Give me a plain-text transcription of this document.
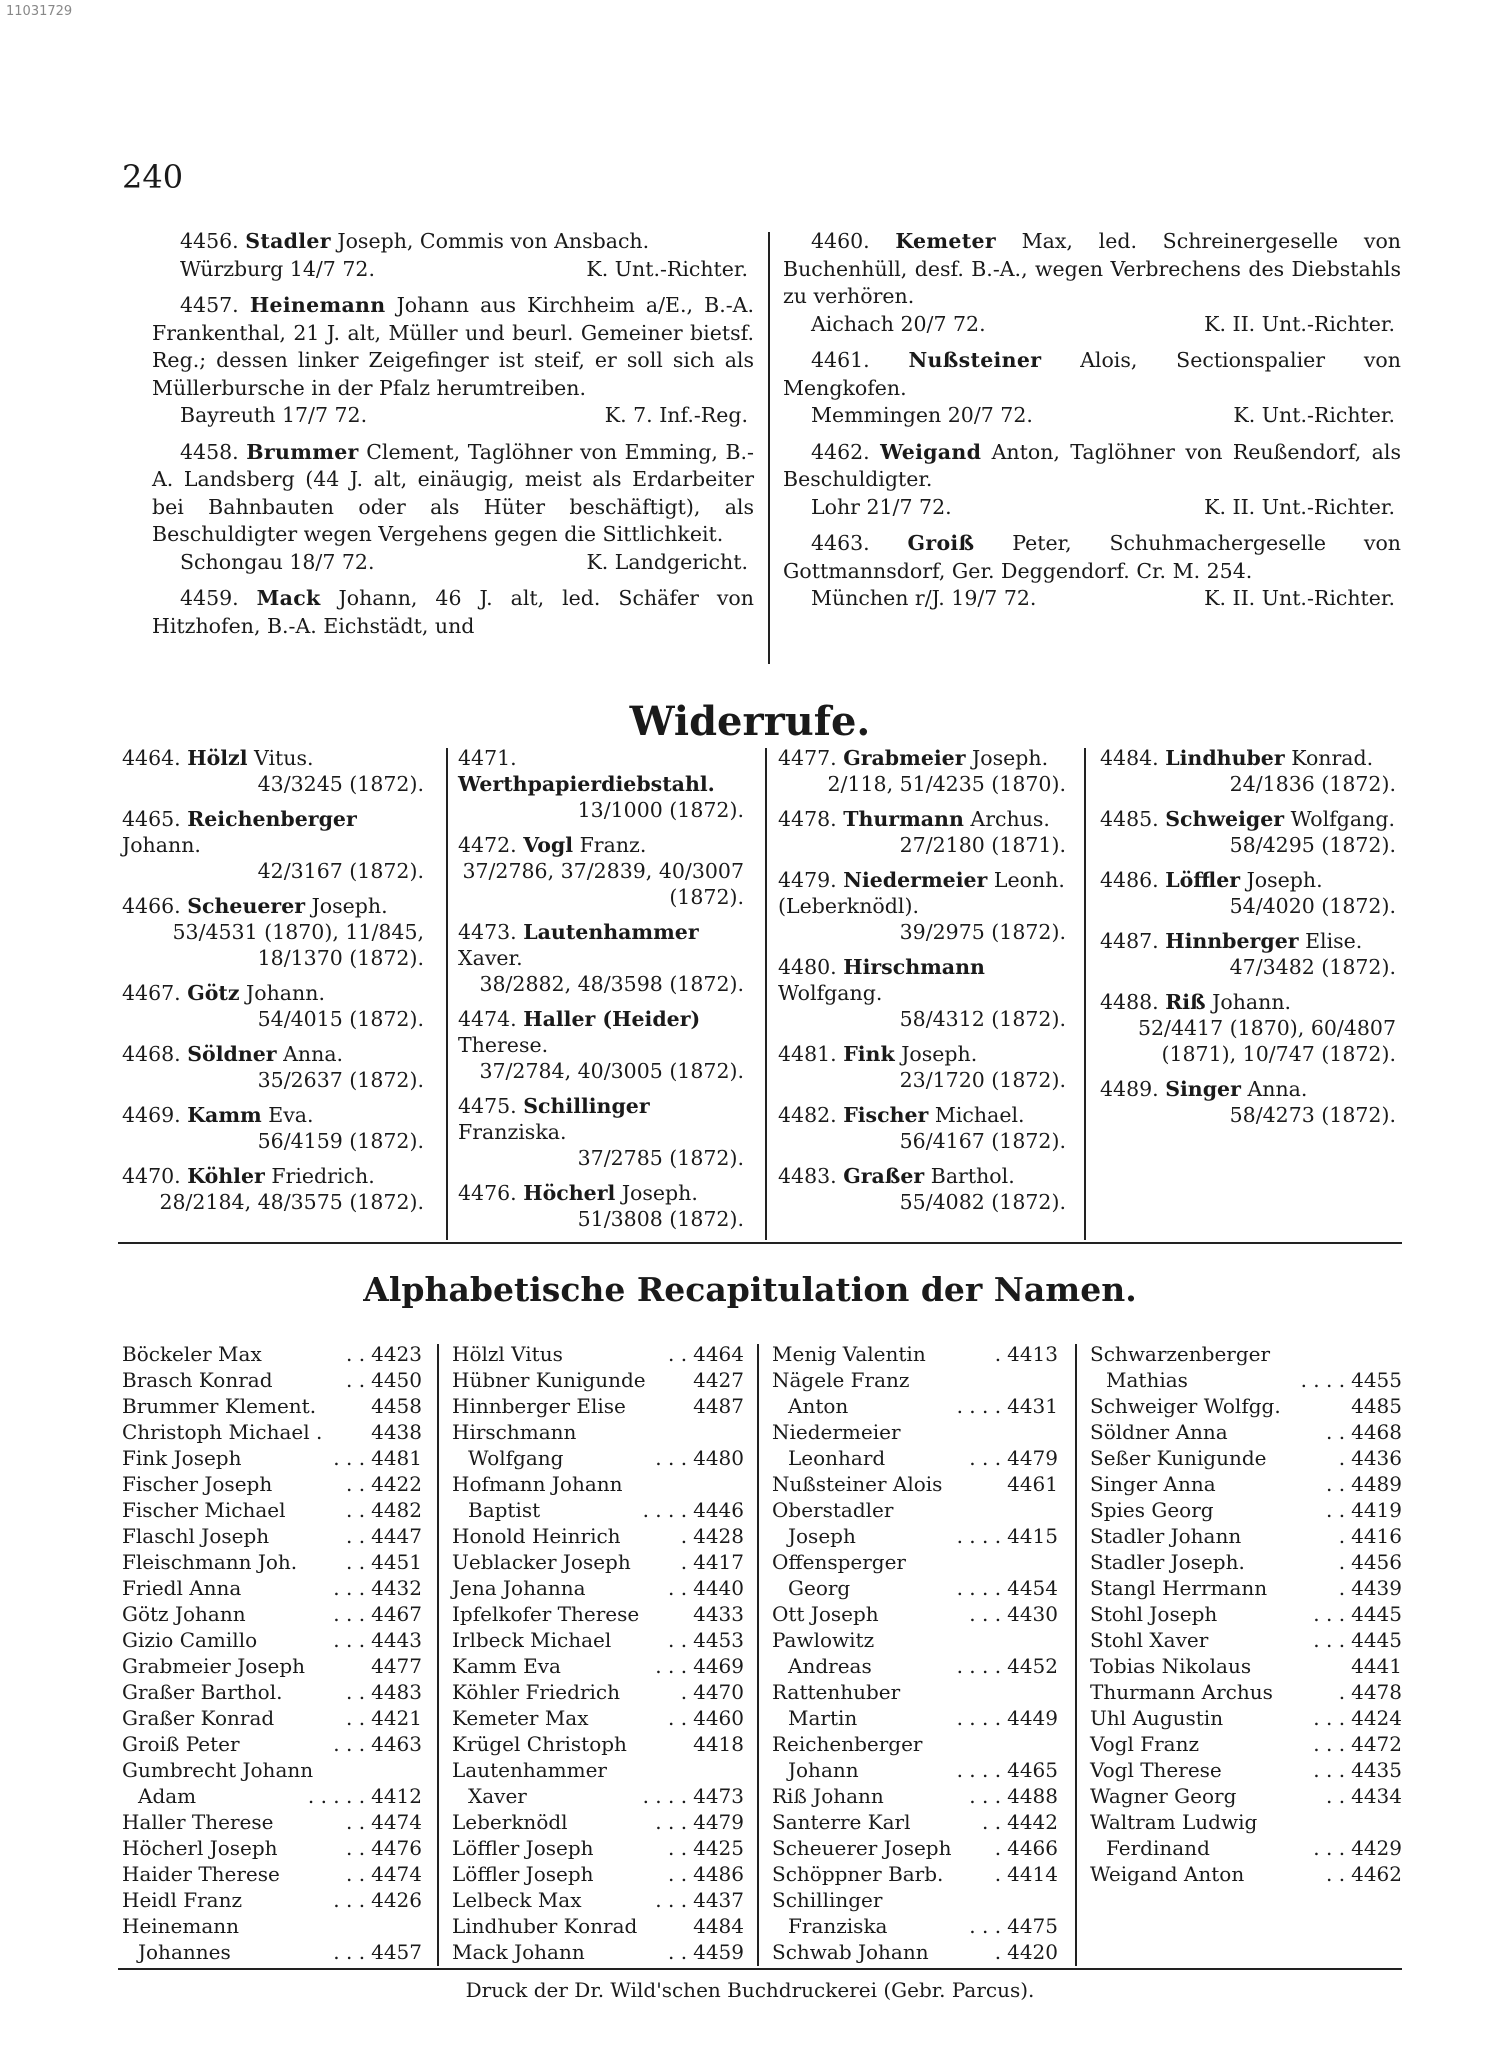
11031729
240
4456. Stadler Joseph, Commis von Ansbach.
Würzburg 14/7 72.	K. Unt.-Richter.
4457. Heinemann Johann aus Kirchheim a/E., B.-A. Frankenthal, 21 J. alt, Müller und beurl. Gemeiner bietsf. Reg.; dessen linker Zeigefinger ist steif, er soll sich als Müllerbursche in der Pfalz herumtreiben.
Bayreuth 17/7 72.	K. 7. Inf.-Reg.
4458. Brummer Clement, Taglöhner von Emming, B.-A. Landsberg (44 J. alt, einäugig, meist als Erdarbeiter bei Bahnbauten oder als Hüter beschäftigt), als Beschuldigter wegen Vergehens gegen die Sittlichkeit.
Schongau 18/7 72.	K. Landgericht.
4459. Mack Johann, 46 J. alt, led. Schäfer von Hitzhofen, B.-A. Eichstädt, und
4460. Kemeter Max, led. Schreinergeselle von Buchenhüll, desf. B.-A., wegen Verbrechens des Diebstahls zu verhören.
Aichach 20/7 72.	K. II. Unt.-Richter.
4461. Nußsteiner Alois, Sectionspalier von Mengkofen.
Memmingen 20/7 72.	K. Unt.-Richter.
4462. Weigand Anton, Taglöhner von Reußendorf, als Beschuldigter.
Lohr 21/7 72.	K. II. Unt.-Richter.
4463. Groiß Peter, Schuhmachergeselle von Gottmannsdorf, Ger. Deggendorf. Cr. M. 254.
München r/J. 19/7 72.	K. II. Unt.-Richter.
Widerrufe.
4464. Hölzl Vitus.
43/3245 (1872).
4465. Reichenberger Johann.
42/3167 (1872).
4466. Scheuerer Joseph.
53/4531 (1870), 11/845, 18/1370 (1872).
4467. Götz Johann.
54/4015 (1872).
4468. Söldner Anna.
35/2637 (1872).
4469. Kamm Eva.
56/4159 (1872).
4470. Köhler Friedrich.
28/2184, 48/3575 (1872).
4471. Werthpapierdiebstahl.
13/1000 (1872).
4472. Vogl Franz.
37/2786, 37/2839, 40/3007 (1872).
4473. Lautenhammer Xaver.
38/2882, 48/3598 (1872).
4474. Haller (Heider) Therese.
37/2784, 40/3005 (1872).
4475. Schillinger Franziska.
37/2785 (1872).
4476. Höcherl Joseph.
51/3808 (1872).
4477. Grabmeier Joseph.
2/118, 51/4235 (1870).
4478. Thurmann Archus.
27/2180 (1871).
4479. Niedermeier Leonh. (Leberknödl).
39/2975 (1872).
4480. Hirschmann Wolfgang.
58/4312 (1872).
4481. Fink Joseph.
23/1720 (1872).
4482. Fischer Michael.
56/4167 (1872).
4483. Graßer Barthol.
55/4082 (1872).
4484. Lindhuber Konrad.
24/1836 (1872).
4485. Schweiger Wolfgang.
58/4295 (1872).
4486. Löffler Joseph.
54/4020 (1872).
4487. Hinnberger Elise.
47/3482 (1872).
4488. Riß Johann.
52/4417 (1870), 60/4807 (1871), 10/747 (1872).
4489. Singer Anna.
58/4273 (1872).
Alphabetische Recapitulation der Namen.
Böckeler Max	. . 4423
Brasch Konrad	. . 4450
Brummer Klement.	4458
Christoph Michael . 4438
Fink Joseph	. . . 4481
Fischer Joseph	. . 4422
Fischer Michael	. . 4482
Flaschl Joseph	. . 4447
Fleischmann Joh.	. . 4451
Friedl Anna	. . . 4432
Götz Johann	. . . 4467
Gizio Camillo	. . . 4443
Grabmeier Joseph	4477
Graßer Barthol.	. . 4483
Graßer Konrad	. . 4421
Groiß Peter	. . . 4463
Gumbrecht Johann
Adam	. . . . . 4412
Haller Therese	. . 4474
Höcherl Joseph	. . 4476
Haider Therese	. . 4474
Heidl Franz	. . . 4426
Heinemann
Johannes	. . . 4457
Hölzl Vitus	. . 4464
Hübner Kunigunde 4427
Hinnberger Elise	4487
Hirschmann
Wolfgang	. . . 4480
Hofmann Johann
Baptist	. . . . 4446
Honold Heinrich	. 4428
Ueblacker Joseph	. 4417
Jena Johanna	. . 4440
Ipfelkofer Therese	4433
Irlbeck Michael	. . 4453
Kamm Eva	. . . 4469
Köhler Friedrich	. 4470
Kemeter Max	. . 4460
Krügel Christoph	4418
Lautenhammer
Xaver	. . . . 4473
Leberknödl	. . . 4479
Löffler Joseph	. . 4425
Löffler Joseph	. . 4486
Lelbeck Max	. . . 4437
Lindhuber Konrad	4484
Mack Johann	. . 4459
Menig Valentin	. 4413
Nägele Franz
Anton	. . . . 4431
Niedermeier
Leonhard	. . . 4479
Nußsteiner Alois	4461
Oberstadler
Joseph	. . . . 4415
Offensperger
Georg	. . . . 4454
Ott Joseph	. . . 4430
Pawlowitz
Andreas	. . . . 4452
Rattenhuber
Martin	. . . . 4449
Reichenberger
Johann	. . . . 4465
Riß Johann	. . . 4488
Santerre Karl	. . 4442
Scheuerer Joseph	. 4466
Schöppner Barb.	. 4414
Schillinger
Franziska	. . . 4475
Schwab Johann	. 4420
Schwarzenberger
Mathias	. . . . 4455
Schweiger Wolfgg.	4485
Söldner Anna	. . 4468
Seßer Kunigunde	. 4436
Singer Anna	. . 4489
Spies Georg	. . 4419
Stadler Johann	. 4416
Stadler Joseph.	. 4456
Stangl Herrmann	. 4439
Stohl Joseph	. . . 4445
Stohl Xaver	. . . 4445
Tobias Nikolaus	4441
Thurmann Archus	. 4478
Uhl Augustin	. . . 4424
Vogl Franz	. . . 4472
Vogl Therese	. . . 4435
Wagner Georg	. . 4434
Waltram Ludwig
Ferdinand	. . . 4429
Weigand Anton	. . 4462
Druck der Dr. Wild'schen Buchdruckerei (Gebr. Parcus).
